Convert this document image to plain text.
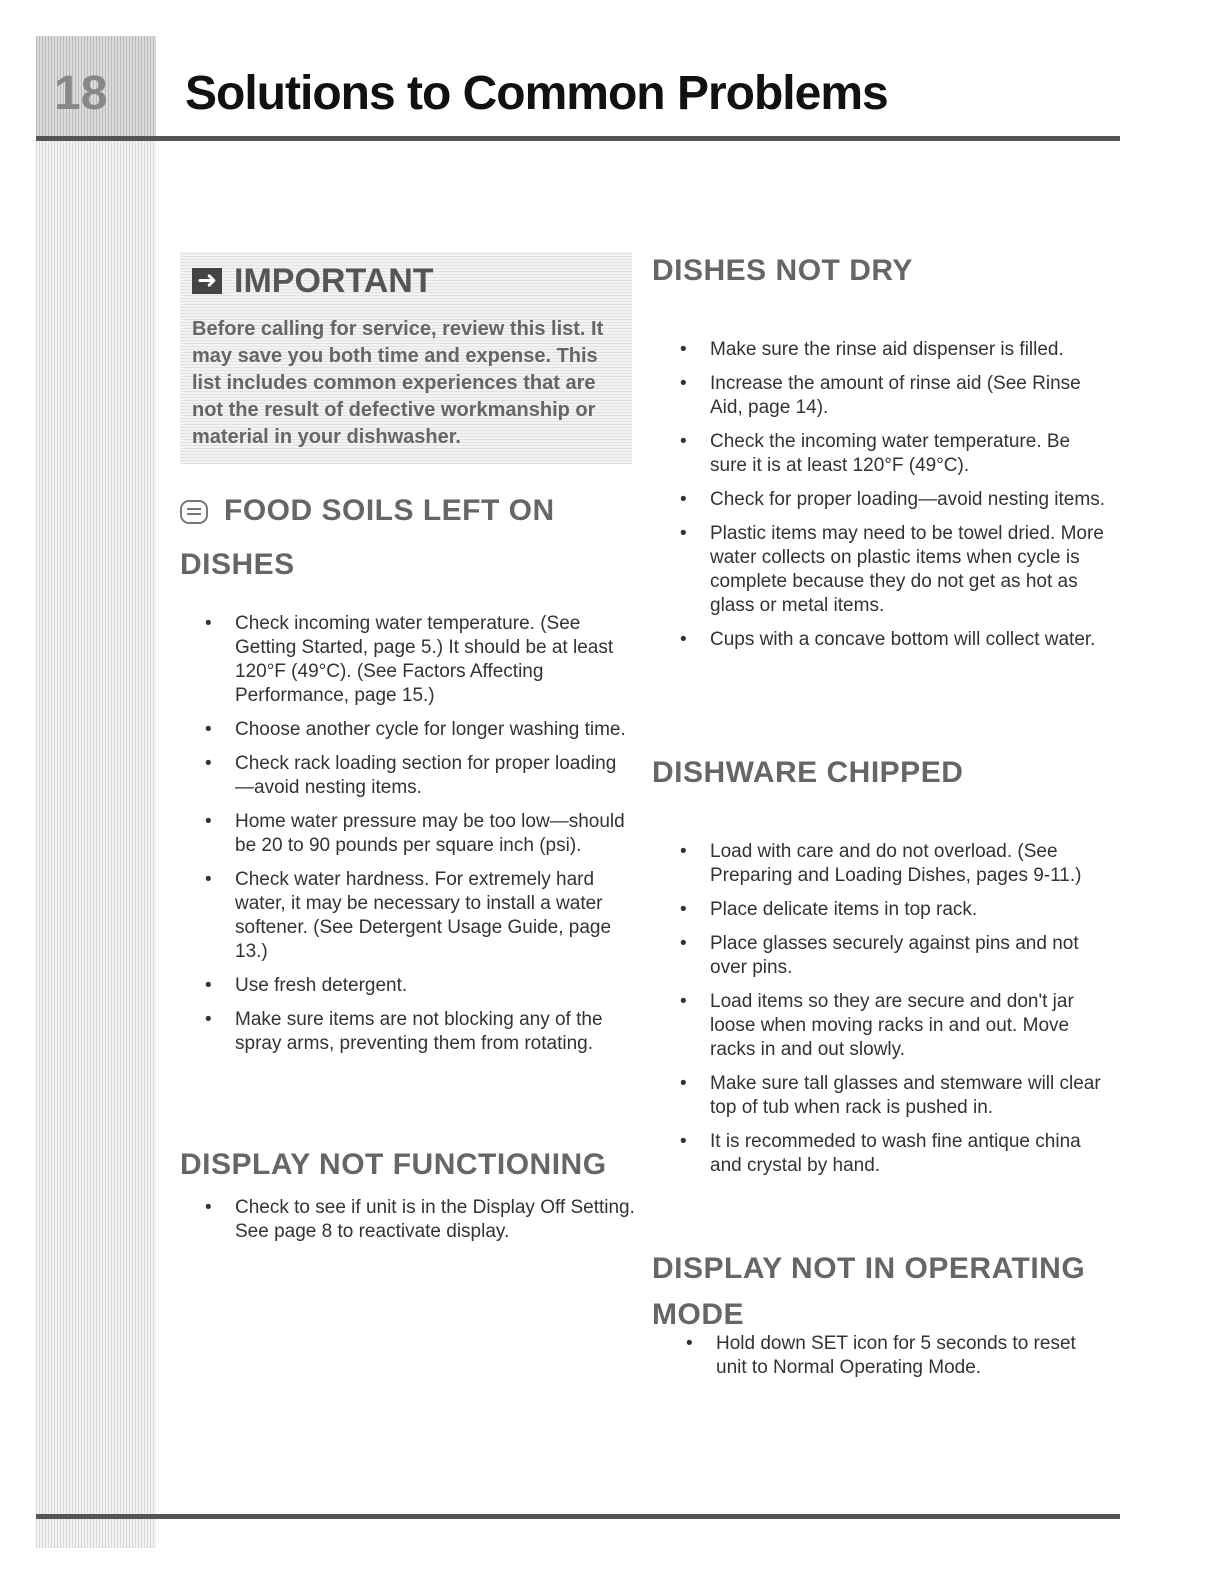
18 Solutions to Common Problems
➜ IMPORTANT
Before calling for service, review this list. It may save you both time and expense. This list includes common experiences that are not the result of defective workmanship or material in your dishwasher.
FOOD SOILS LEFT ON DISHES
• Check incoming water temperature. (See Getting Started, page 5.) It should be at least 120°F (49°C). (See Factors Affecting Performance, page 15.)
• Choose another cycle for longer washing time.
• Check rack loading section for proper loading—avoid nesting items.
• Home water pressure may be too low—should be 20 to 90 pounds per square inch (psi).
• Check water hardness. For extremely hard water, it may be necessary to install a water softener. (See Detergent Usage Guide, page 13.)
• Use fresh detergent.
• Make sure items are not blocking any of the spray arms, preventing them from rotating.
DISPLAY NOT FUNCTIONING
• Check to see if unit is in the Display Off Setting. See page 8 to reactivate display.
DISHES NOT DRY
• Make sure the rinse aid dispenser is filled.
• Increase the amount of rinse aid (See Rinse Aid, page 14).
• Check the incoming water temperature. Be sure it is at least 120°F (49°C).
• Check for proper loading—avoid nesting items.
• Plastic items may need to be towel dried. More water collects on plastic items when cycle is complete because they do not get as hot as glass or metal items.
• Cups with a concave bottom will collect water.
DISHWARE CHIPPED
• Load with care and do not overload. (See Preparing and Loading Dishes, pages 9-11.)
• Place delicate items in top rack.
• Place glasses securely against pins and not over pins.
• Load items so they are secure and don't jar loose when moving racks in and out. Move racks in and out slowly.
• Make sure tall glasses and stemware will clear top of tub when rack is pushed in.
• It is recommeded to wash fine antique china and crystal by hand.
DISPLAY NOT IN OPERATING MODE
• Hold down SET icon for 5 seconds to reset unit to Normal Operating Mode.
